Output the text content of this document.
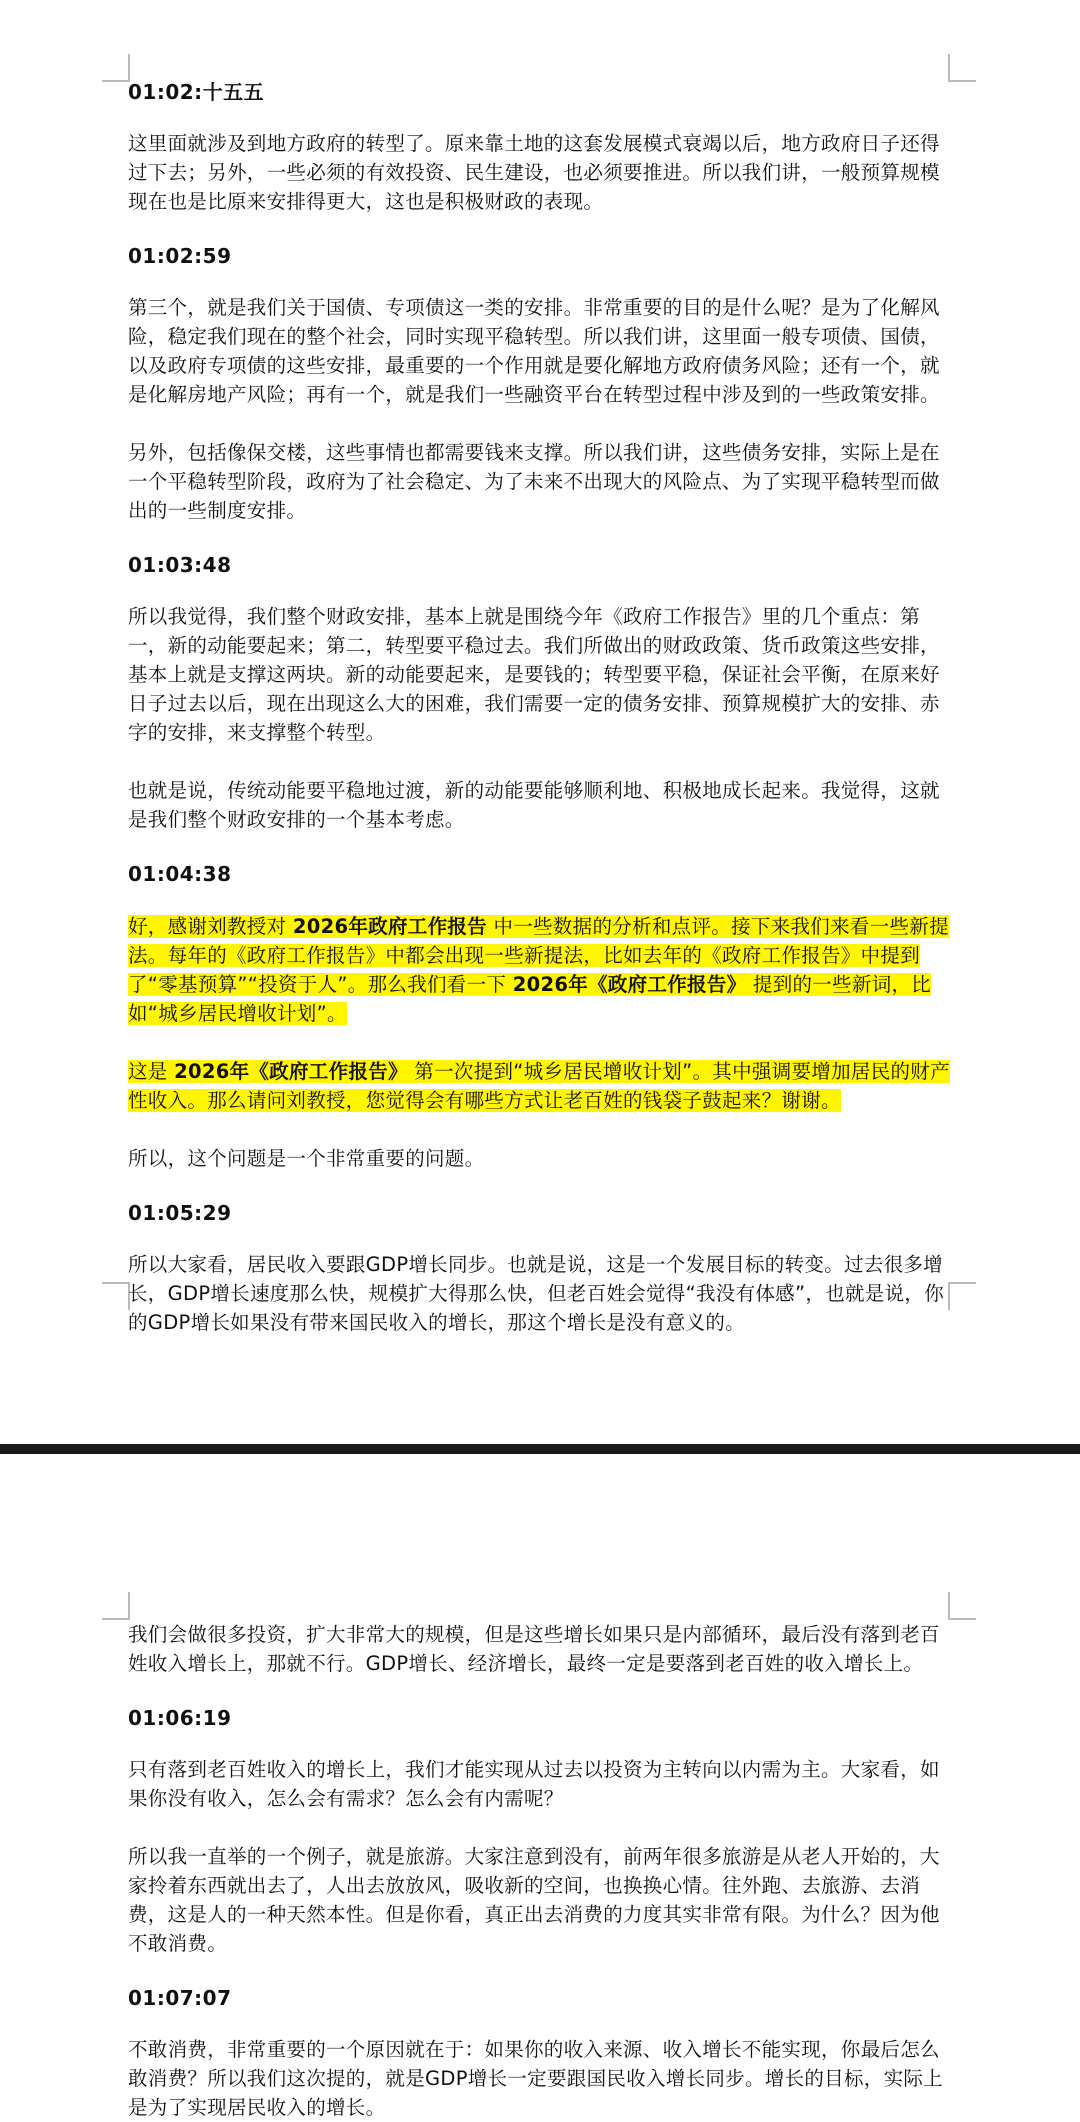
01:02:十五五

这里面就涉及到地方政府的转型了。原来靠土地的这套发展模式衰竭以后，地方政府日子还得过下去；另外，一些必须的有效投资、民生建设，也必须要推进。所以我们讲，一般预算规模现在也是比原来安排得更大，这也是积极财政的表现。

01:02:59

第三个，就是我们关于国债、专项债这一类的安排。非常重要的目的是什么呢？是为了化解风险，稳定我们现在的整个社会，同时实现平稳转型。所以我们讲，这里面一般专项债、国债，以及政府专项债的这些安排，最重要的一个作用就是要化解地方政府债务风险；还有一个，就是化解房地产风险；再有一个，就是我们一些融资平台在转型过程中涉及到的一些政策安排。

另外，包括像保交楼，这些事情也都需要钱来支撑。所以我们讲，这些债务安排，实际上是在一个平稳转型阶段，政府为了社会稳定、为了未来不出现大的风险点、为了实现平稳转型而做出的一些制度安排。

01:03:48

所以我觉得，我们整个财政安排，基本上就是围绕今年《政府工作报告》里的几个重点：第一，新的动能要起来；第二，转型要平稳过去。我们所做出的财政政策、货币政策这些安排，基本上就是支撑这两块。新的动能要起来，是要钱的；转型要平稳，保证社会平衡，在原来好日子过去以后，现在出现这么大的困难，我们需要一定的债务安排、预算规模扩大的安排、赤字的安排，来支撑整个转型。

也就是说，传统动能要平稳地过渡，新的动能要能够顺利地、积极地成长起来。我觉得，这就是我们整个财政安排的一个基本考虑。

01:04:38

好，感谢刘教授对 2026年政府工作报告 中一些数据的分析和点评。接下来我们来看一些新提法。每年的《政府工作报告》中都会出现一些新提法，比如去年的《政府工作报告》中提到了“零基预算”“投资于人”。那么我们看一下 2026年《政府工作报告》 提到的一些新词，比如“城乡居民增收计划”。

这是 2026年《政府工作报告》 第一次提到“城乡居民增收计划”。其中强调要增加居民的财产性收入。那么请问刘教授，您觉得会有哪些方式让老百姓的钱袋子鼓起来？谢谢。

所以，这个问题是一个非常重要的问题。

01:05:29

所以大家看，居民收入要跟GDP增长同步。也就是说，这是一个发展目标的转变。过去很多增长，GDP增长速度那么快，规模扩大得那么快，但老百姓会觉得“我没有体感”，也就是说，你的GDP增长如果没有带来国民收入的增长，那这个增长是没有意义的。

我们会做很多投资，扩大非常大的规模，但是这些增长如果只是内部循环，最后没有落到老百姓收入增长上，那就不行。GDP增长、经济增长，最终一定是要落到老百姓的收入增长上。

01:06:19

只有落到老百姓收入的增长上，我们才能实现从过去以投资为主转向以内需为主。大家看，如果你没有收入，怎么会有需求？怎么会有内需呢？

所以我一直举的一个例子，就是旅游。大家注意到没有，前两年很多旅游是从老人开始的，大家拎着东西就出去了，人出去放放风，吸收新的空间，也换换心情。往外跑、去旅游、去消费，这是人的一种天然本性。但是你看，真正出去消费的力度其实非常有限。为什么？因为他不敢消费。

01:07:07

不敢消费，非常重要的一个原因就在于：如果你的收入来源、收入增长不能实现，你最后怎么敢消费？所以我们这次提的，就是GDP增长一定要跟国民收入增长同步。增长的目标，实际上是为了实现居民收入的增长。
